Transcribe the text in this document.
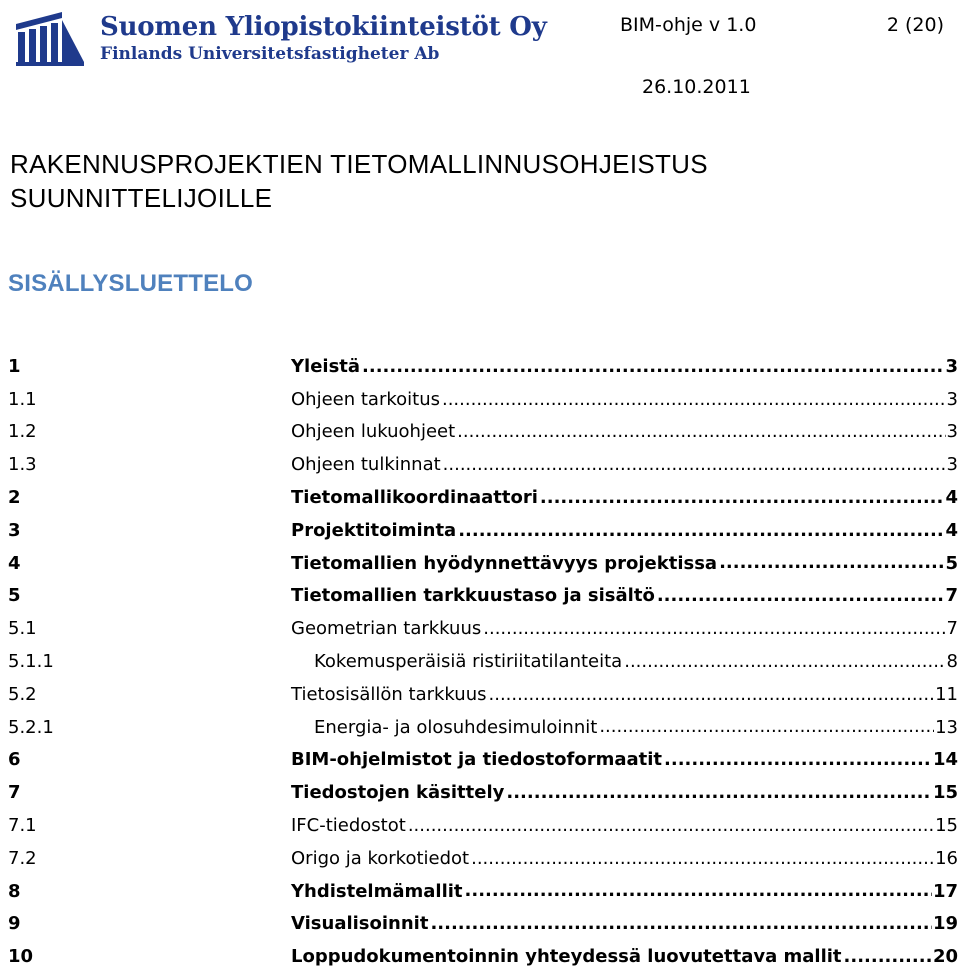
Suomen Yliopistokiinteistöt Oy
Finlands Universitetsfastigheter Ab
BIM-ohje v 1.0	2 (20)
26.10.2011
RAKENNUSPROJEKTIEN TIETOMALLINNUSOHJEISTUS
SUUNNITTELIJOILLE
SISÄLLYSLUETTELO
1	Yleistä .....	3
1.1	Ohjeen tarkoitus .....	3
1.2	Ohjeen lukuohjeet .....	3
1.3	Ohjeen tulkinnat .....	3
2	Tietomallikoordinaattori .....	4
3	Projektitoiminta .....	4
4	Tietomallien hyödynnettävyys projektissa .....	5
5	Tietomallien tarkkuustaso ja sisältö .....	7
5.1	Geometrian tarkkuus .....	7
5.1.1	Kokemusperäisiä ristiriitatilanteita .....	8
5.2	Tietosisällön tarkkuus .....	11
5.2.1	Energia- ja olosuhdesimuloinnit .....	13
6	BIM-ohjelmistot ja tiedostoformaatit .....	14
7	Tiedostojen käsittely .....	15
7.1	IFC-tiedostot .....	15
7.2	Origo ja korkotiedot .....	16
8	Yhdistelmämallit .....	17
9	Visualisoinnit .....	19
10	Loppudokumentoinnin yhteydessä luovutettava mallit .....	20
